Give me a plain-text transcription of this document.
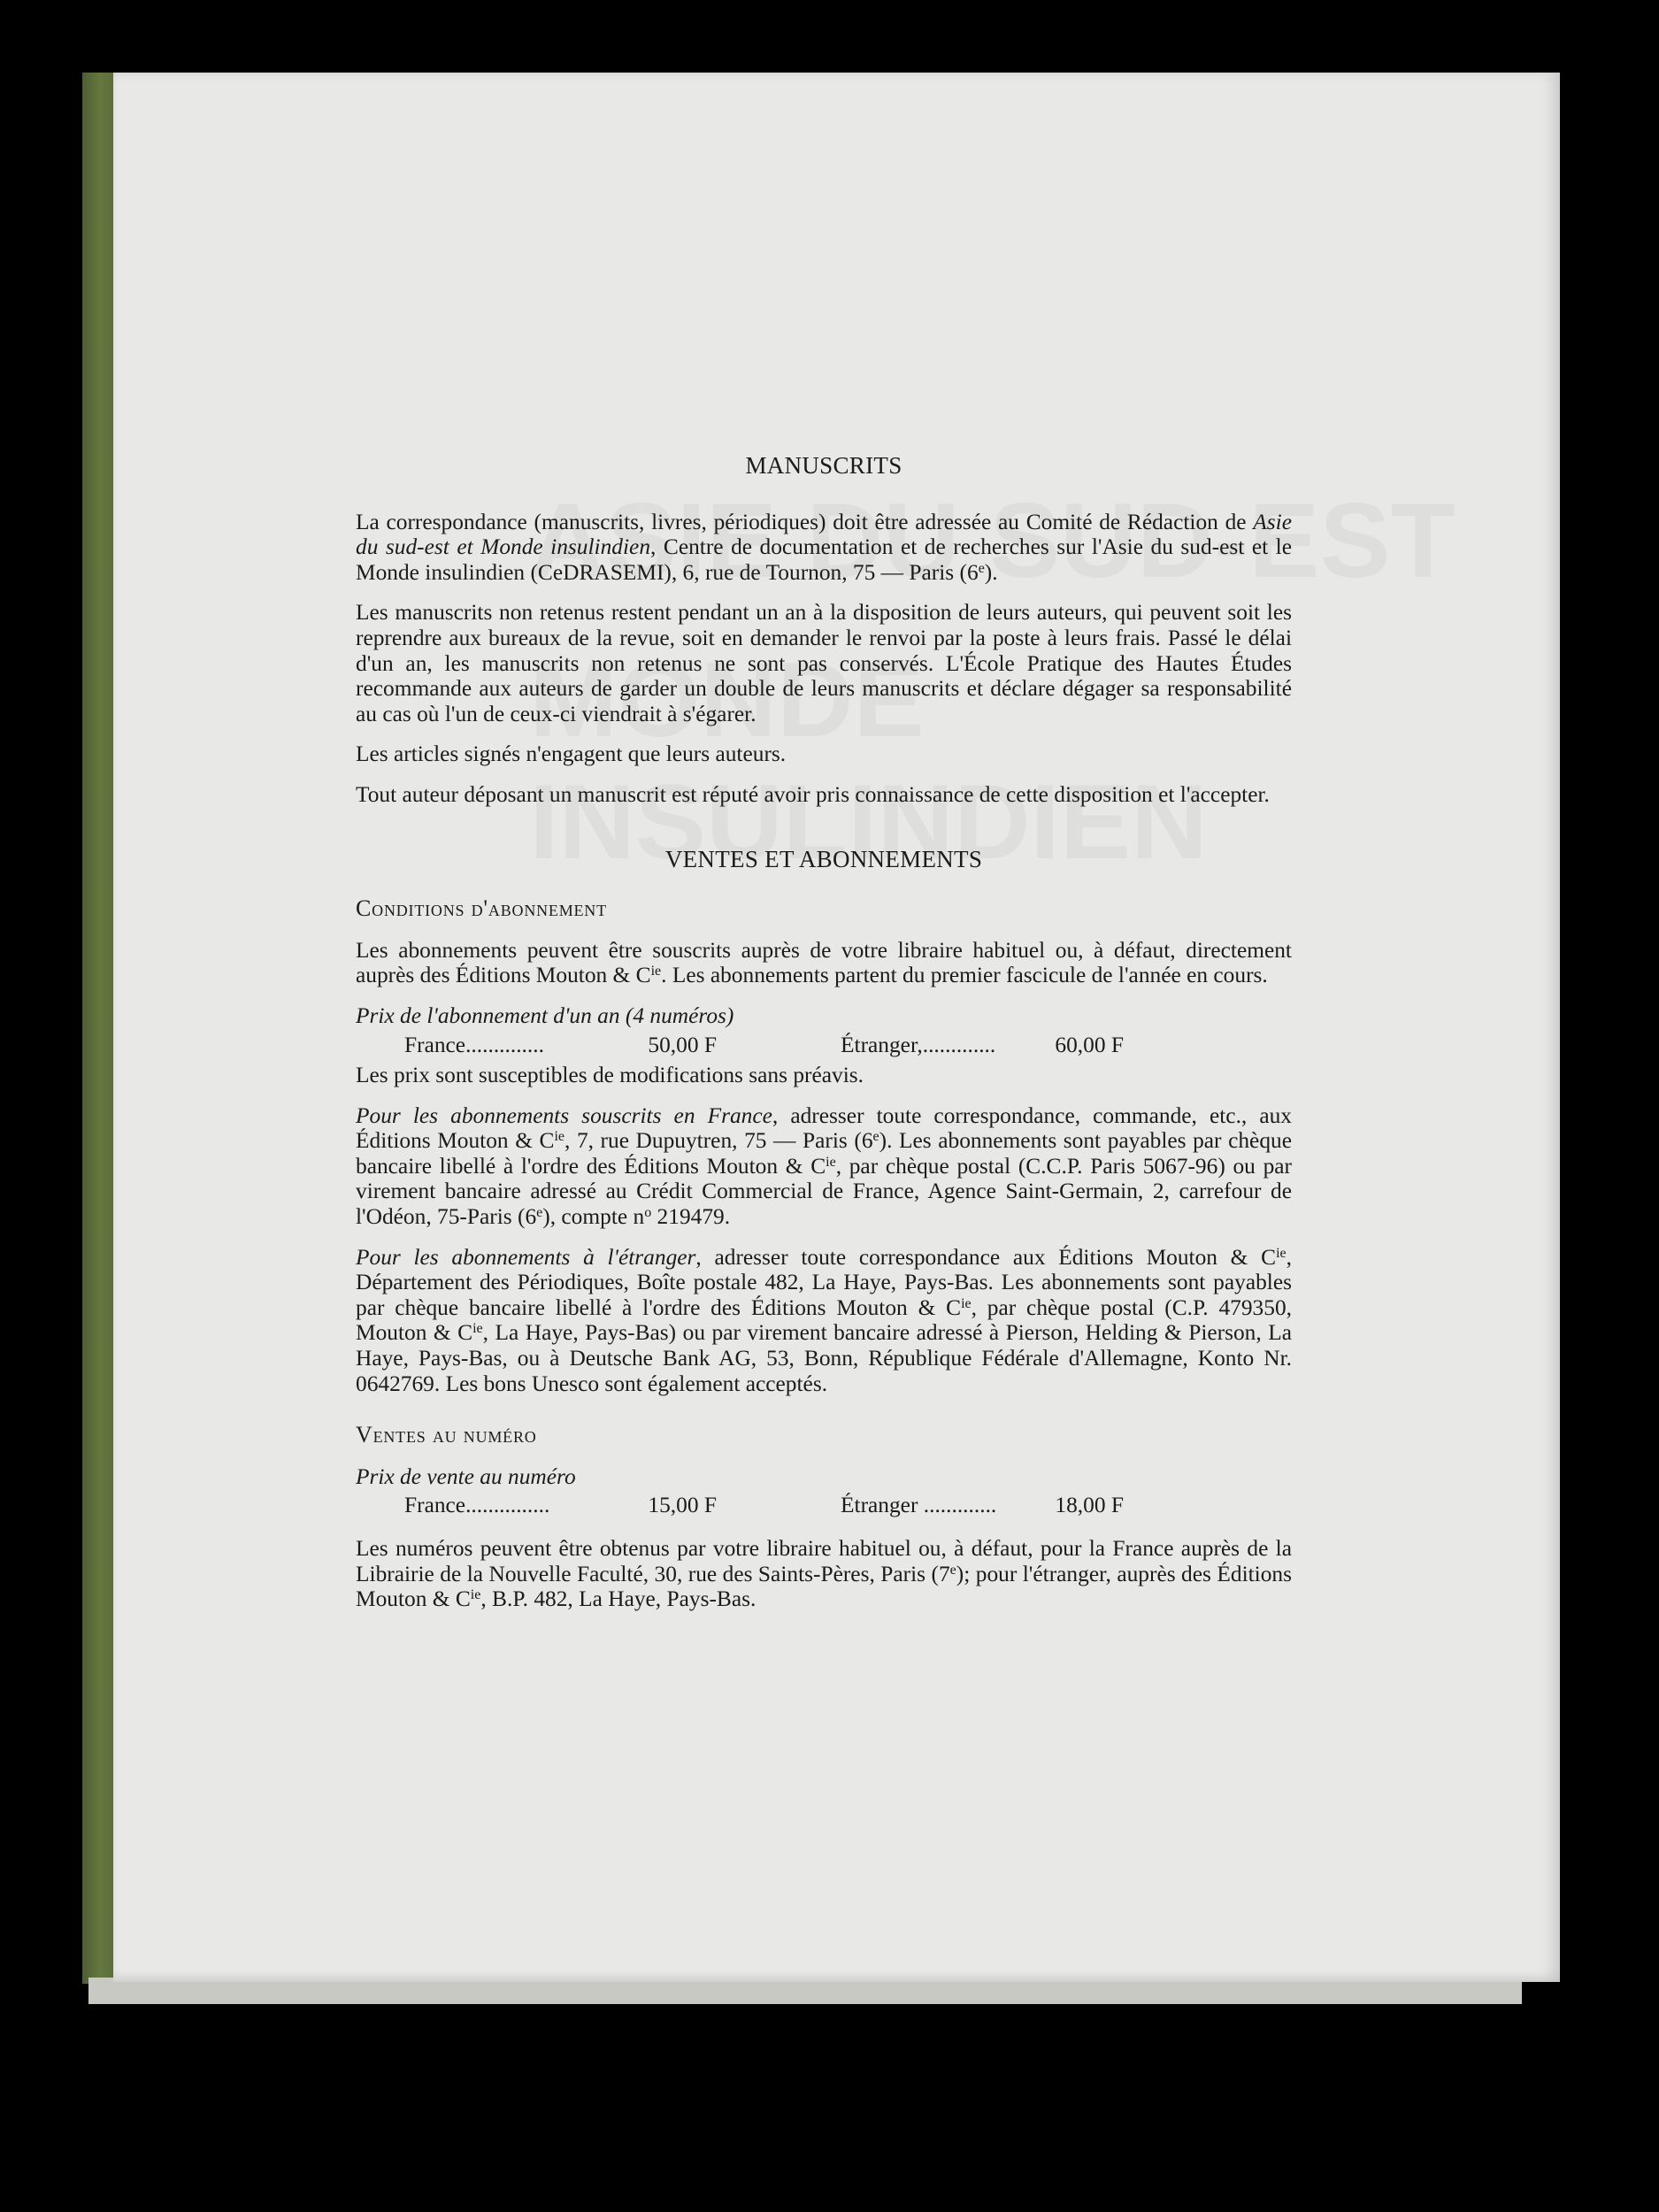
MANUSCRITS

La correspondance (manuscrits, livres, périodiques) doit être adressée au Comité de Rédaction de Asie du sud-est et Monde insulindien, Centre de documentation et de recherches sur l'Asie du sud-est et le Monde insulindien (CeDRASEMI), 6, rue de Tournon, 75 — Paris (6e).

Les manuscrits non retenus restent pendant un an à la disposition de leurs auteurs, qui peuvent soit les reprendre aux bureaux de la revue, soit en demander le renvoi par la poste à leurs frais. Passé le délai d'un an, les manuscrits non retenus ne sont pas conservés. L'École Pratique des Hautes Études recommande aux auteurs de garder un double de leurs manuscrits et déclare dégager sa responsabilité au cas où l'un de ceux-ci viendrait à s'égarer.

Les articles signés n'engagent que leurs auteurs.

Tout auteur déposant un manuscrit est réputé avoir pris connaissance de cette disposition et l'accepter.

VENTES ET ABONNEMENTS
Conditions d'abonnement

Les abonnements peuvent être souscrits auprès de votre libraire habituel ou, à défaut, directement auprès des Éditions Mouton & $C^{ie}$. Les abonnements partent du premier fascicule de l'année en cours.

Prix de l'abonnement d'un an (4 numéros)
France..............	50,00 F	Étranger,.............	60,00 F

Les prix sont susceptibles de modifications sans préavis.

Pour les abonnements souscrits en France, adresser toute correspondance, commande, etc., aux Éditions Mouton & $C^{ie}$, 7, rue Dupuytren, 75 — Paris (6e). Les abonnements sont payables par chèque bancaire libellé à l'ordre des Éditions Mouton & $C^{ie}$, par chèque postal (C.C.P. Paris 5067-96) ou par virement bancaire adressé au Crédit Commercial de France, Agence Saint-Germain, 2, carrefour de l'Odéon, 75-Paris (6e), compte $n^o$ 219479.

Pour les abonnements à l'étranger, adresser toute correspondance aux Éditions Mouton & $C^{ie}$, Département des Périodiques, Boîte postale 482, La Haye, Pays-Bas. Les abonnements sont payables par chèque bancaire libellé à l'ordre des Éditions Mouton & $C^{ie}$, par chèque postal (C.P. 479350, Mouton & $C^{ie}$, La Haye, Pays-Bas) ou par virement bancaire adressé à Pierson, Helding & Pierson, La Haye, Pays-Bas, ou à Deutsche Bank AG, 53, Bonn, République Fédérale d'Allemagne, Konto Nr. 0642769. Les bons Unesco sont également acceptés.

Ventes au numéro
Prix de vente au numéro
France...............	15,00 F	Étranger .............	18,00 F

Les numéros peuvent être obtenus par votre libraire habituel ou, à défaut, pour la France auprès de la Librairie de la Nouvelle Faculté, 30, rue des Saints-Pères, Paris (7e); pour l'étranger, auprès des Éditions Mouton & $C^{ie}$, B.P. 482, La Haye, Pays-Bas.
